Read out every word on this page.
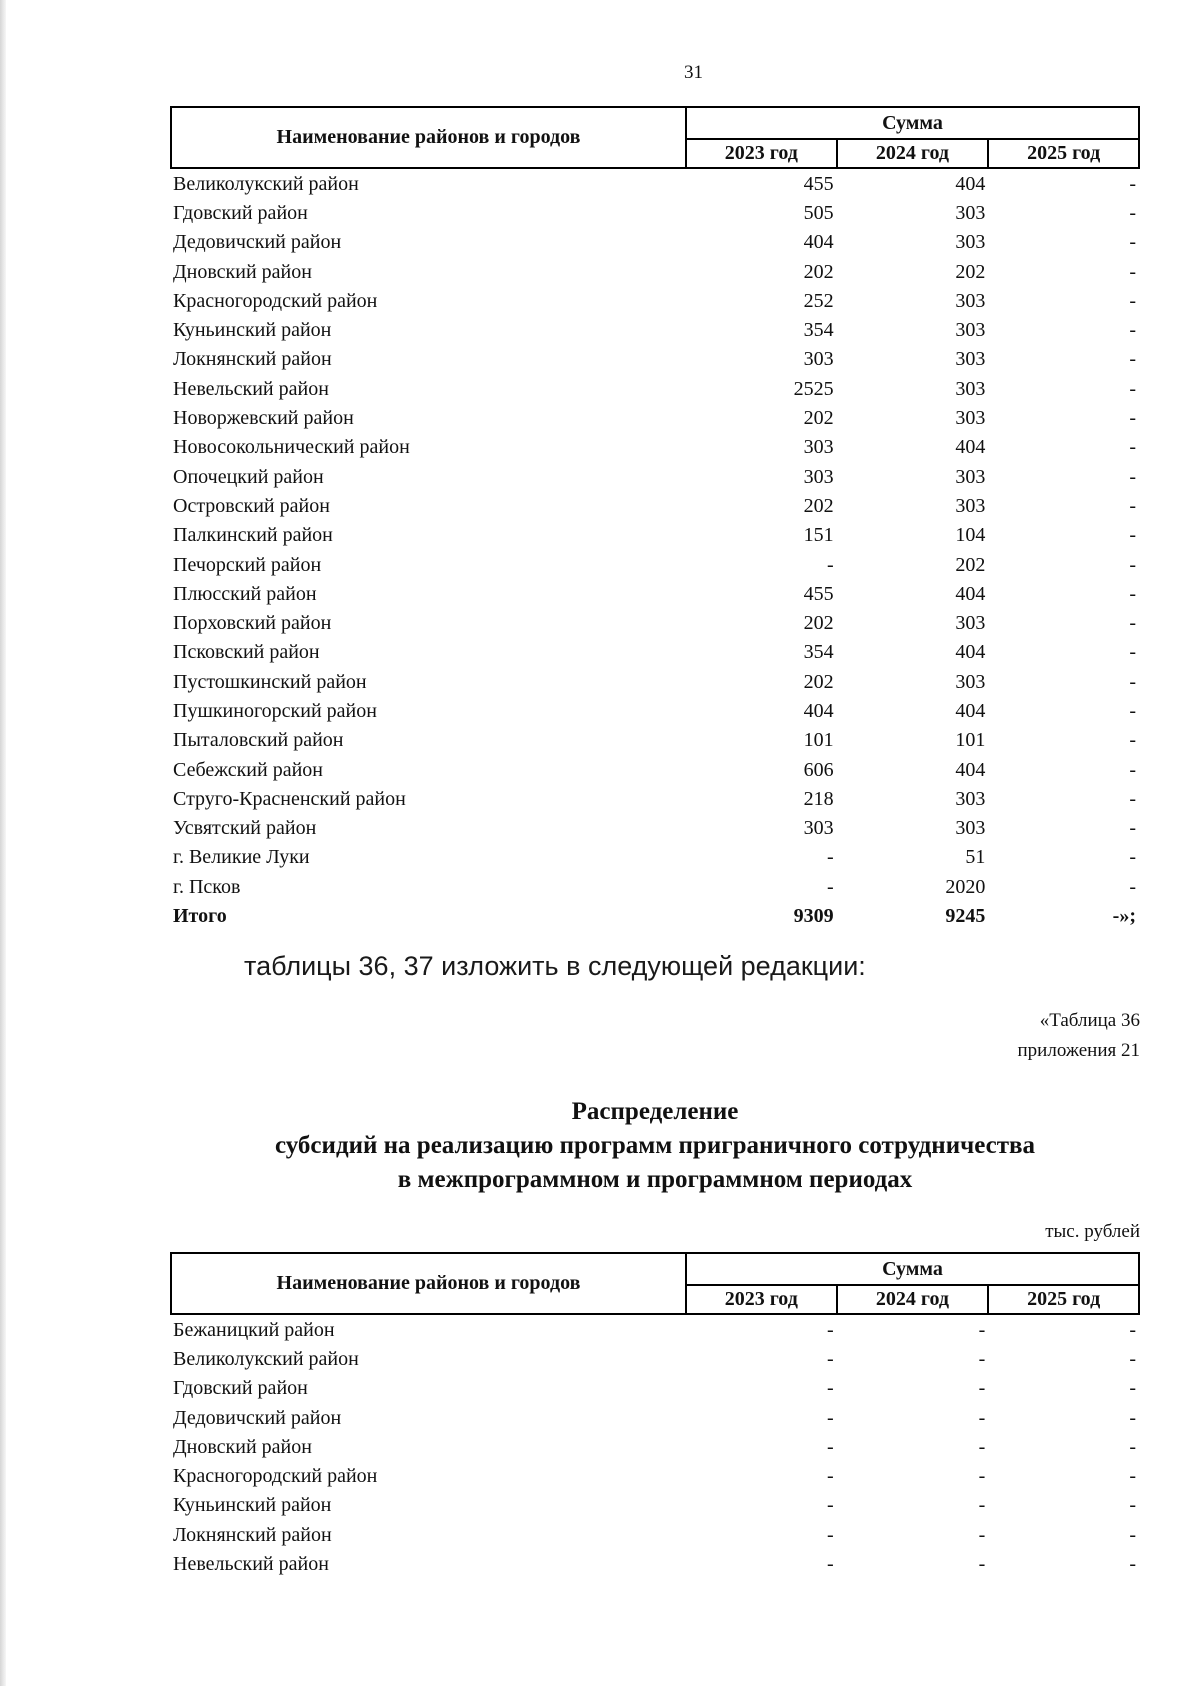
31
Наименование районов и городов	Сумма		
	2023 год	2024 год	2025 год
Великолукский район	455	404	-
Гдовский район	505	303	-
Дедовичский район	404	303	-
Дновский район	202	202	-
Красногородский район	252	303	-
Куньинский район	354	303	-
Локнянский район	303	303	-
Невельский район	2525	303	-
Новоржевский район	202	303	-
Новосокольнический район	303	404	-
Опочецкий район	303	303	-
Островский район	202	303	-
Палкинский район	151	104	-
Печорский район	-	202	-
Плюсский район	455	404	-
Порховский район	202	303	-
Псковский район	354	404	-
Пустошкинский район	202	303	-
Пушкиногорский район	404	404	-
Пыталовский район	101	101	-
Себежский район	606	404	-
Струго-Красненский район	218	303	-
Усвятский район	303	303	-
г. Великие Луки	-	51	-
г. Псков	-	2020	-
Итого	9309	9245	-»;
таблицы 36, 37 изложить в следующей редакции:
«Таблица 36
приложения 21
Распределение
субсидий на реализацию программ приграничного сотрудничества
в межпрограммном и программном периодах
тыс. рублей
Наименование районов и городов	Сумма		
	2023 год	2024 год	2025 год
Бежаницкий район	-	-	-
Великолукский район	-	-	-
Гдовский район	-	-	-
Дедовичский район	-	-	-
Дновский район	-	-	-
Красногородский район	-	-	-
Куньинский район	-	-	-
Локнянский район	-	-	-
Невельский район	-	-	-
